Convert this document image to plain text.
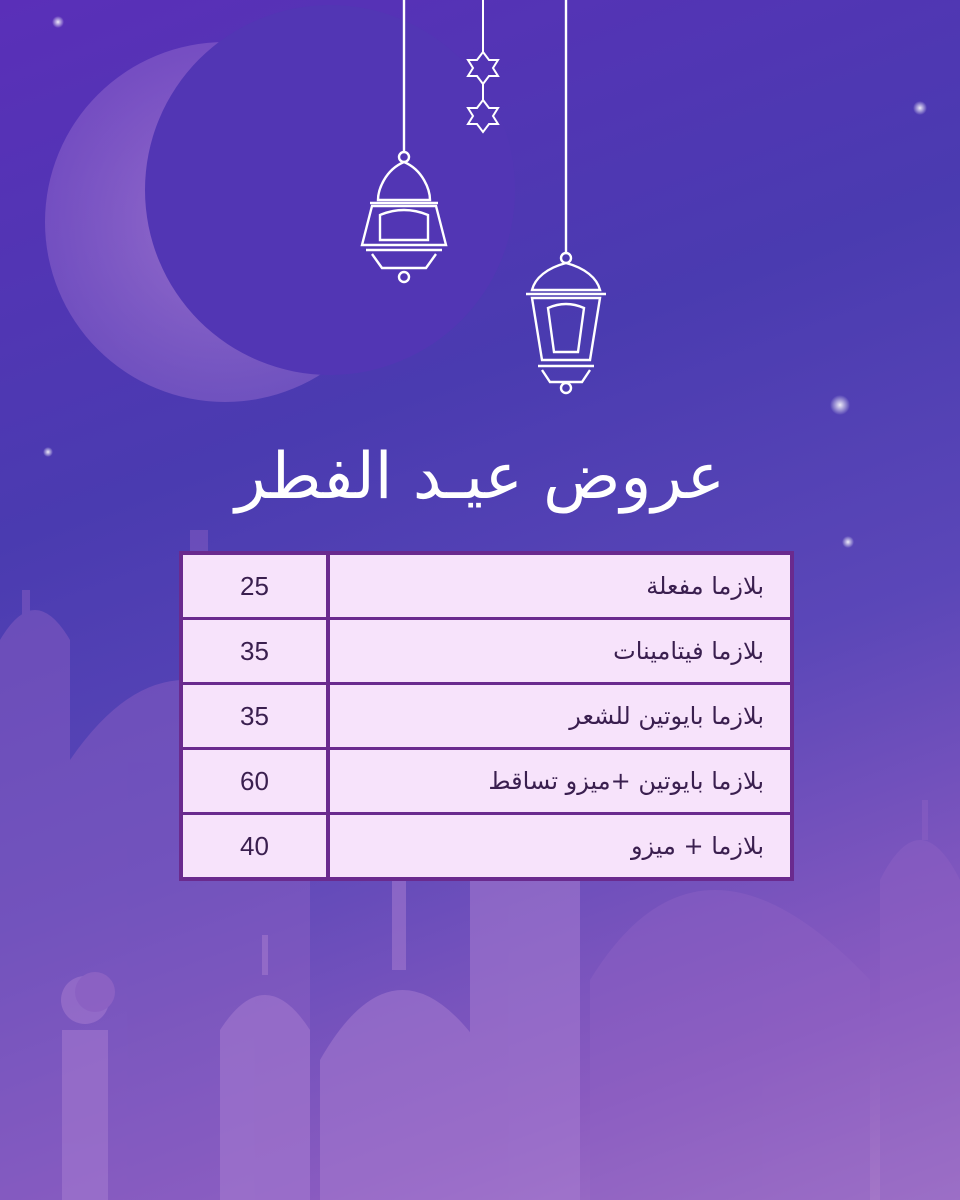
عروض عيـد الفطر
25	بلازما مفعلة
35	بلازما فيتامينات
35	بلازما بايوتين للشعر
60	بلازما بايوتين +ميزو تساقط
40	بلازما + ميزو
